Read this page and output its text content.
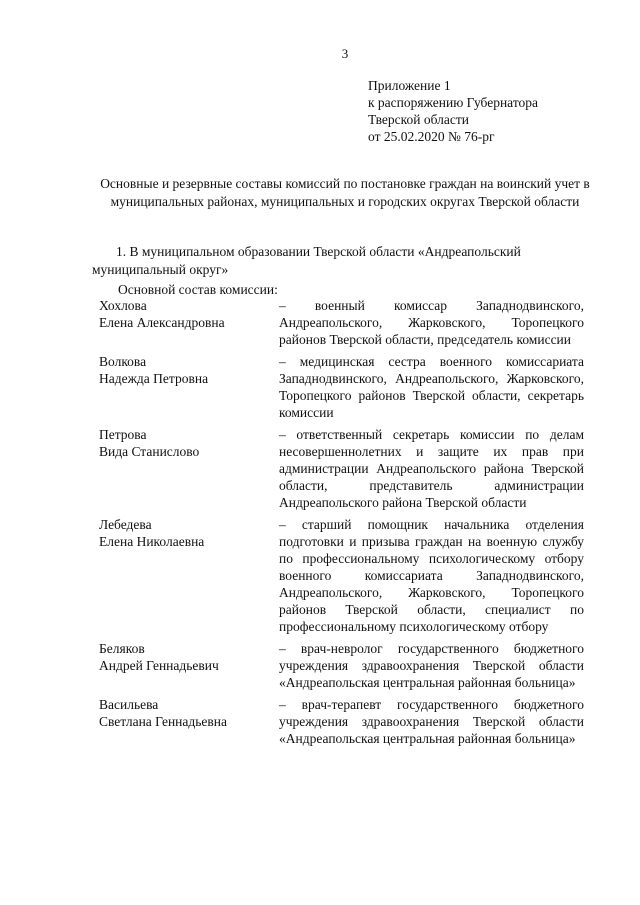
3
Приложение 1
к распоряжению Губернатора
Тверской области
от 25.02.2020 № 76-рг
Основные и резервные составы комиссий по постановке граждан на воинский учет в муниципальных районах, муниципальных и городских округах Тверской области
1. В муниципальном образовании Тверской области «Андреапольский муниципальный округ»
Основной состав комиссии:
Хохлова
Елена Александровна
– военный комиссар Западнодвинского, Андреапольского, Жарковского, Торопецкого районов Тверской области, председатель комиссии
Волкова
Надежда Петровна
– медицинская сестра военного комиссариата Западнодвинского, Андреапольского, Жарковского, Торопецкого районов Тверской области, секретарь комиссии
Петрова
Вида Станислово
– ответственный секретарь комиссии по делам несовершеннолетних и защите их прав при администрации Андреапольского района Тверской области, представитель администрации Андреапольского района Тверской области
Лебедева
Елена Николаевна
– старший помощник начальника отделения подготовки и призыва граждан на военную службу по профессиональному психологическому отбору военного комиссариата Западнодвинского, Андреапольского, Жарковского, Торопецкого районов Тверской области, специалист по профессиональному психологическому отбору
Беляков
Андрей Геннадьевич
– врач-невролог государственного бюджетного учреждения здравоохранения Тверской области «Андреапольская центральная районная больница»
Васильева
Светлана Геннадьевна
– врач-терапевт государственного бюджетного учреждения здравоохранения Тверской области «Андреапольская центральная районная больница»
